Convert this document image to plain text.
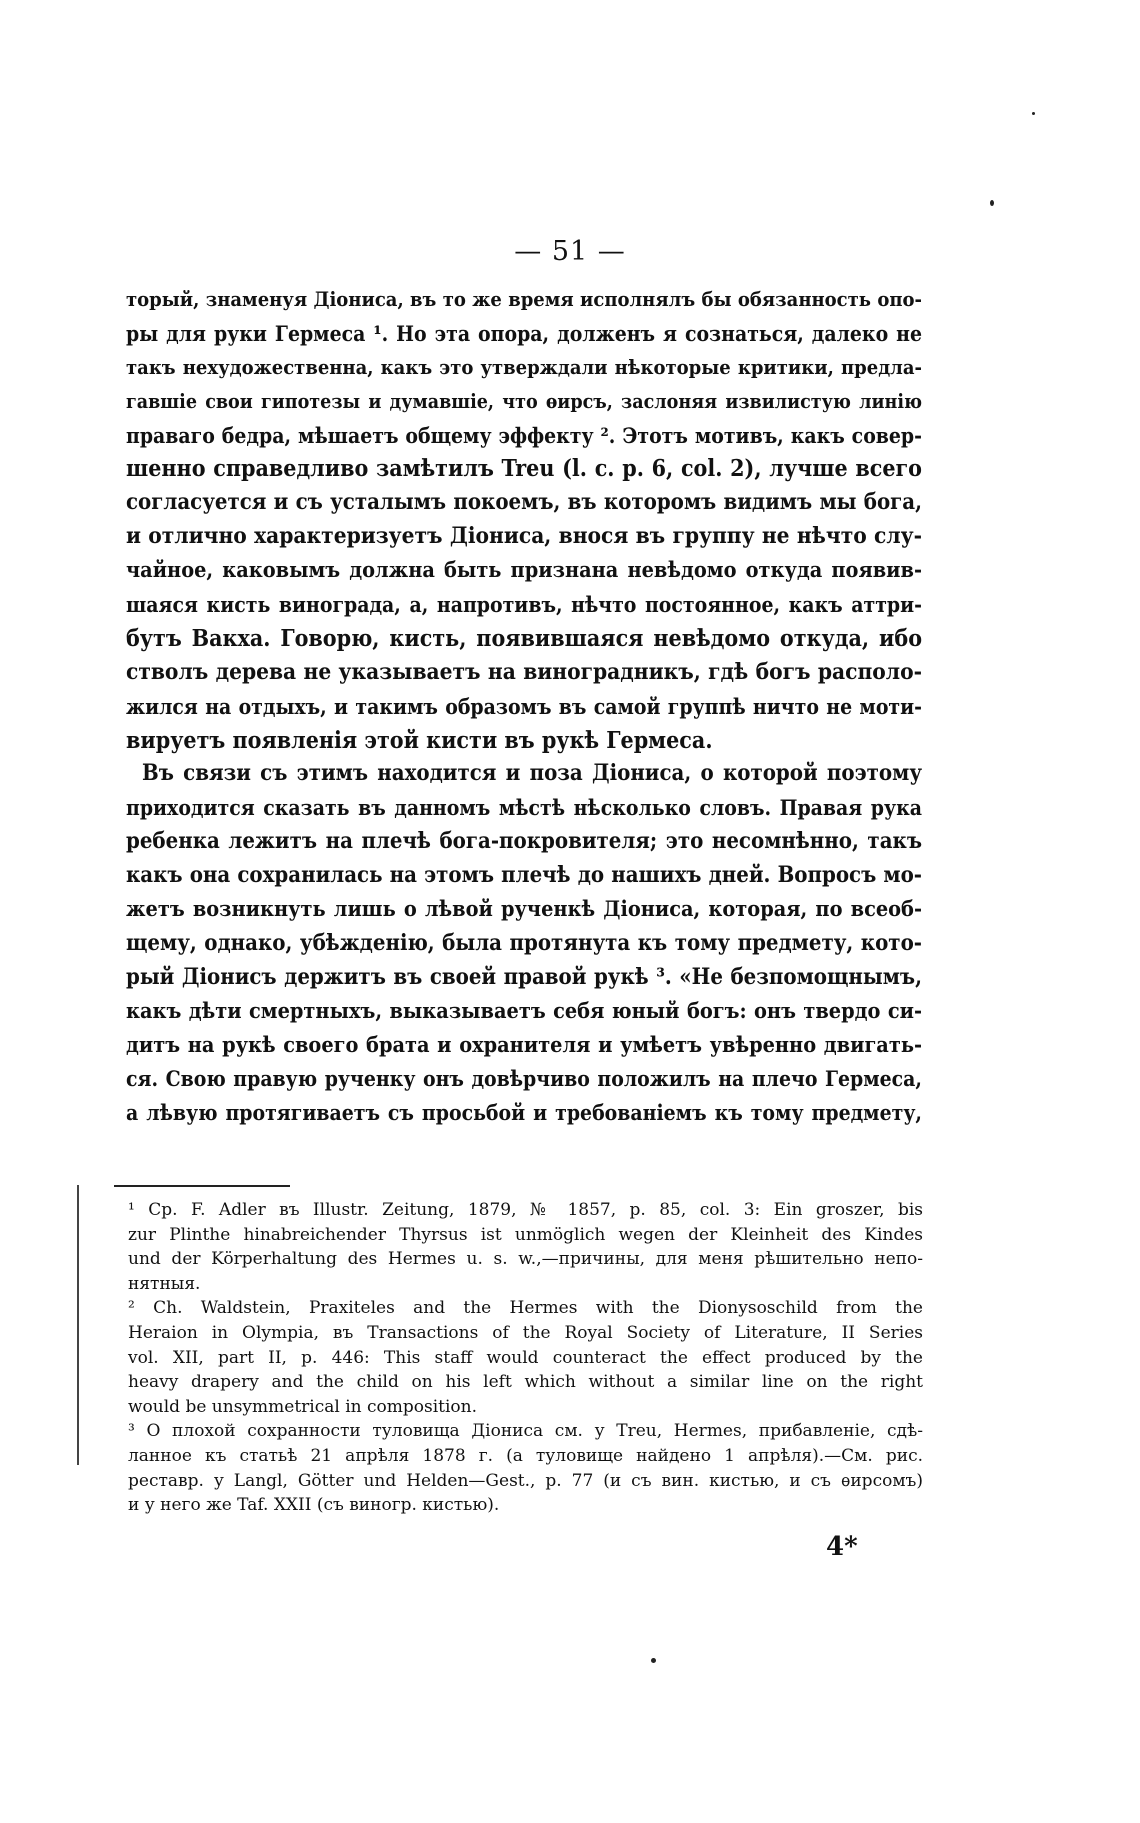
— 51 —
торый, знаменуя Діониса, въ то же время исполнялъ бы обязанность опо-
ры для руки Гермеса ¹. Но эта опора, долженъ я сознаться, далеко не
такъ нехудожественна, какъ это утверждали нѣкоторые критики, предла-
гавшіе свои гипотезы и думавшіе, что ѳирсъ, заслоняя извилистую линію
праваго бедра, мѣшаетъ общему эффекту ². Этотъ мотивъ, какъ совер-
шенно справедливо замѣтилъ Treu (l. c. p. 6, col. 2), лучше всего
согласуется и съ усталымъ покоемъ, въ которомъ видимъ мы бога,
и отлично характеризуетъ Діониса, внося въ группу не нѣчто слу-
чайное, каковымъ должна быть признана невѣдомо откуда появив-
шаяся кисть винограда, а, напротивъ, нѣчто постоянное, какъ аттри-
бутъ Вакха. Говорю, кисть, появившаяся невѣдомо откуда, ибо
стволъ дерева не указываетъ на виноградникъ, гдѣ богъ располо-
жился на отдыхъ, и такимъ образомъ въ самой группѣ ничто не моти-
вируетъ появленія этой кисти въ рукѣ Гермеса.
Въ связи съ этимъ находится и поза Діониса, о которой поэтому
приходится сказать въ данномъ мѣстѣ нѣсколько словъ. Правая рука
ребенка лежитъ на плечѣ бога-покровителя; это несомнѣнно, такъ
какъ она сохранилась на этомъ плечѣ до нашихъ дней. Вопросъ мо-
жетъ возникнуть лишь о лѣвой рученкѣ Діониса, которая, по всеоб-
щему, однако, убѣжденію, была протянута къ тому предмету, кото-
рый Діонисъ держитъ въ своей правой рукѣ ³. «Не безпомощнымъ,
какъ дѣти смертныхъ, выказываетъ себя юный богъ: онъ твердо си-
дитъ на рукѣ своего брата и охранителя и умѣетъ увѣренно двигать-
ся. Свою правую рученку онъ довѣрчиво положилъ на плечо Гермеса,
а лѣвую протягиваетъ съ просьбой и требованіемъ къ тому предмету,
¹ Ср. F. Adler въ Illustr. Zeitung, 1879, № 1857, p. 85, col. 3: Ein groszer, bis
zur Plinthe hinabreichender Thyrsus ist unmöglich wegen der Kleinheit des Kindes
und der Körperhaltung des Hermes u. s. w.,—причины, для меня рѣшительно непо-
нятныя.
² Ch. Waldstein, Praxiteles and the Hermes with the Dionysoschild from the
Heraion in Olympia, въ Transactions of the Royal Society of Literature, II Series
vol. XII, part II, p. 446: This staff would counteract the effect produced by the
heavy drapery and the child on his left which without a similar line on the right
would be unsymmetrical in composition.
³ О плохой сохранности туловища Діониса см. у Treu, Hermes, прибавленіе, сдѣ-
ланное къ статьѣ 21 апрѣля 1878 г. (а туловище найдено 1 апрѣля).—См. рис.
реставр. у Langl, Götter und Helden—Gest., p. 77 (и съ вин. кистью, и съ ѳирсомъ)
и у него же Taf. XXII (съ виногр. кистью).
4*
